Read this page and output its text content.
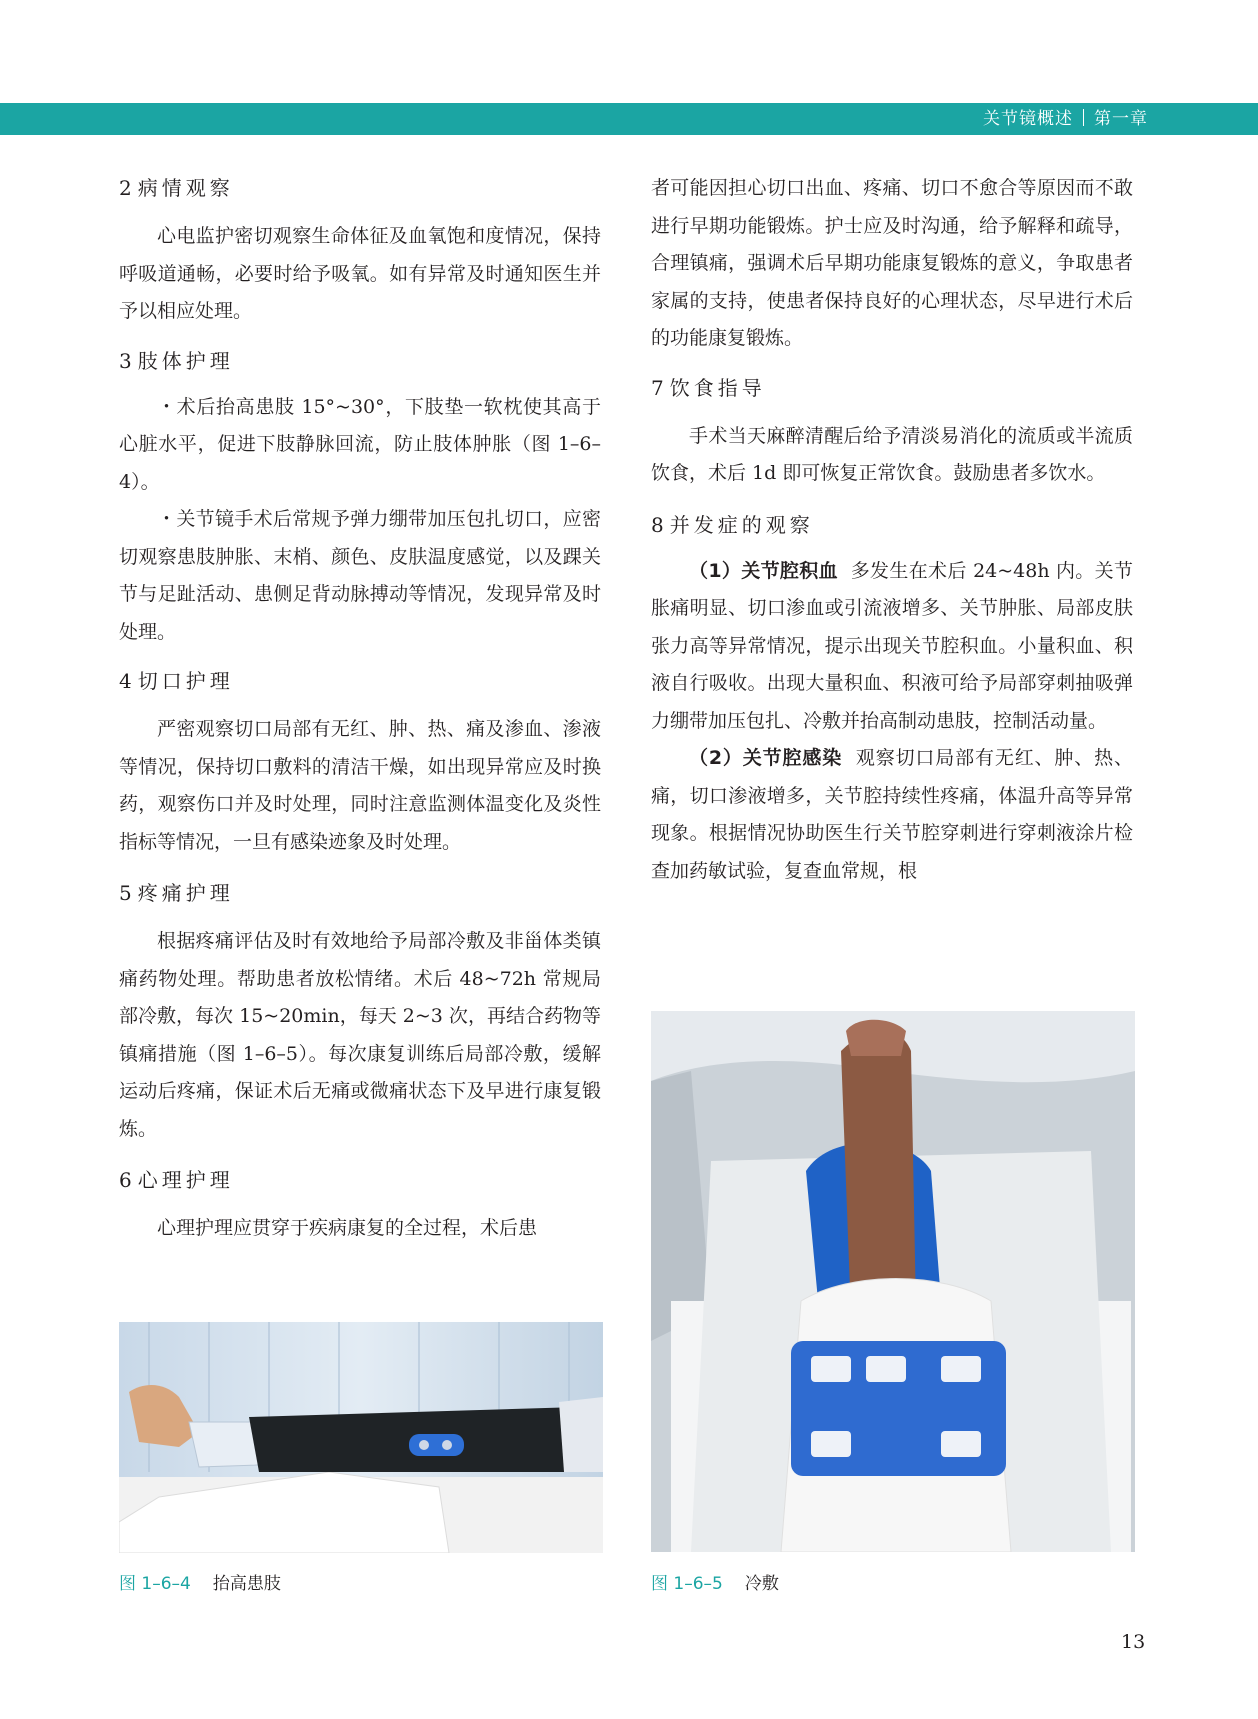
关节镜概述 第一章
2 病情观察

心电监护密切观察生命体征及血氧饱和度情况，保持呼吸道通畅，必要时给予吸氧。如有异常及时通知医生并予以相应处理。

3 肢体护理

・术后抬高患肢 15°~30°，下肢垫一软枕使其高于心脏水平，促进下肢静脉回流，防止肢体肿胀（图 1–6–4）。

・关节镜手术后常规予弹力绷带加压包扎切口，应密切观察患肢肿胀、末梢、颜色、皮肤温度感觉，以及踝关节与足趾活动、患侧足背动脉搏动等情况，发现异常及时处理。

4 切口护理

严密观察切口局部有无红、肿、热、痛及渗血、渗液等情况，保持切口敷料的清洁干燥，如出现异常应及时换药，观察伤口并及时处理，同时注意监测体温变化及炎性指标等情况，一旦有感染迹象及时处理。

5 疼痛护理

根据疼痛评估及时有效地给予局部冷敷及非甾体类镇痛药物处理。帮助患者放松情绪。术后 48~72h 常规局部冷敷，每次 15~20min，每天 2~3 次，再结合药物等镇痛措施（图 1–6–5）。每次康复训练后局部冷敷，缓解运动后疼痛，保证术后无痛或微痛状态下及早进行康复锻炼。

6 心理护理

心理护理应贯穿于疾病康复的全过程，术后患

者可能因担心切口出血、疼痛、切口不愈合等原因而不敢进行早期功能锻炼。护士应及时沟通，给予解释和疏导，合理镇痛，强调术后早期功能康复锻炼的意义，争取患者家属的支持，使患者保持良好的心理状态，尽早进行术后的功能康复锻炼。

7 饮食指导

手术当天麻醉清醒后给予清淡易消化的流质或半流质饮食，术后 1d 即可恢复正常饮食。鼓励患者多饮水。

8 并发症的观察

（1）关节腔积血 多发生在术后 24~48h 内。关节胀痛明显、切口渗血或引流液增多、关节肿胀、局部皮肤张力高等异常情况，提示出现关节腔积血。小量积血、积液自行吸收。出现大量积血、积液可给予局部穿刺抽吸弹力绷带加压包扎、冷敷并抬高制动患肢，控制活动量。

（2）关节腔感染 观察切口局部有无红、肿、热、痛，切口渗液增多，关节腔持续性疼痛，体温升高等异常现象。根据情况协助医生行关节腔穿刺进行穿刺液涂片检查加药敏试验，复查血常规，根

图 1–6–4 抬高患肢	图 1–6–5 冷敷
13
